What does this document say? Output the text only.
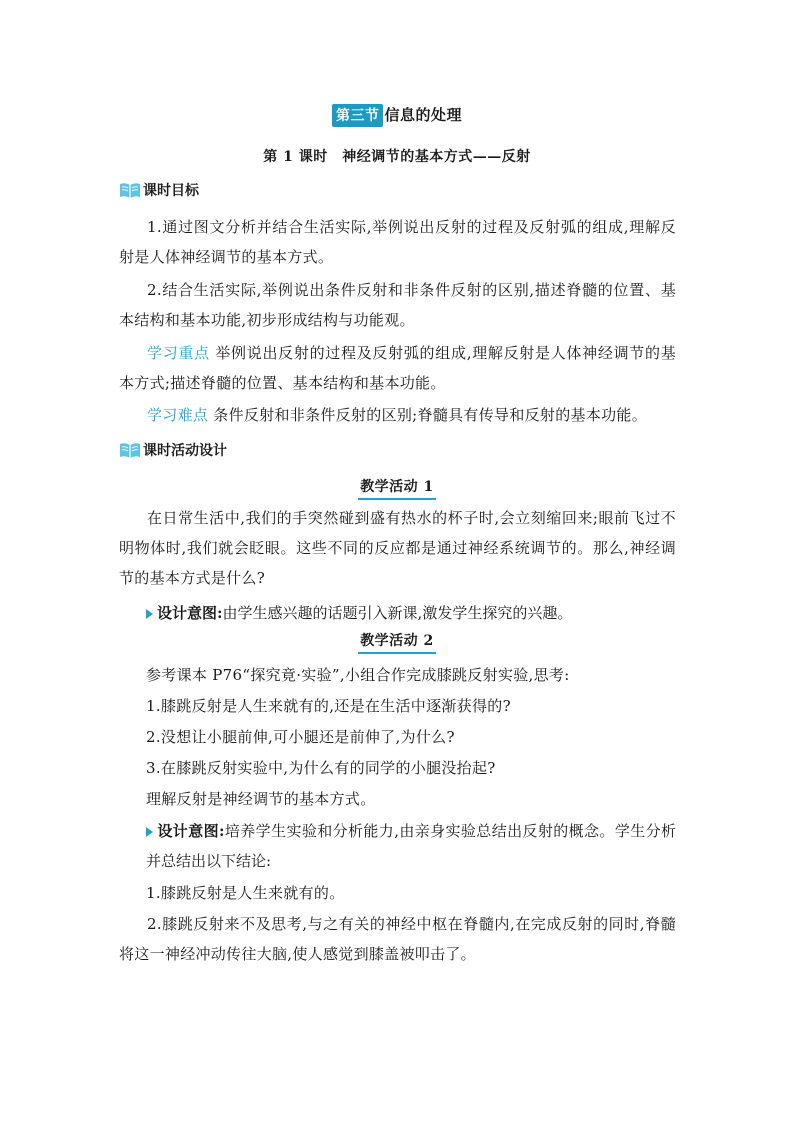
第三节 信息的处理
第 1 课时　神经调节的基本方式——反射
课时目标
1.通过图文分析并结合生活实际,举例说出反射的过程及反射弧的组成,理解反射是人体神经调节的基本方式。
2.结合生活实际,举例说出条件反射和非条件反射的区别,描述脊髓的位置、基本结构和基本功能,初步形成结构与功能观。
学习重点 举例说出反射的过程及反射弧的组成,理解反射是人体神经调节的基本方式;描述脊髓的位置、基本结构和基本功能。
学习难点 条件反射和非条件反射的区别;脊髓具有传导和反射的基本功能。
课时活动设计
教学活动 1
在日常生活中,我们的手突然碰到盛有热水的杯子时,会立刻缩回来;眼前飞过不明物体时,我们就会眨眼。这些不同的反应都是通过神经系统调节的。那么,神经调节的基本方式是什么?
设计意图:由学生感兴趣的话题引入新课,激发学生探究的兴趣。
教学活动 2
参考课本 P76“探究竟·实验”,小组合作完成膝跳反射实验,思考:
1.膝跳反射是人生来就有的,还是在生活中逐渐获得的?
2.没想让小腿前伸,可小腿还是前伸了,为什么?
3.在膝跳反射实验中,为什么有的同学的小腿没抬起?
理解反射是神经调节的基本方式。
设计意图:培养学生实验和分析能力,由亲身实验总结出反射的概念。学生分析并总结出以下结论:
1.膝跳反射是人生来就有的。
2.膝跳反射来不及思考,与之有关的神经中枢在脊髓内,在完成反射的同时,脊髓将这一神经冲动传往大脑,使人感觉到膝盖被叩击了。
